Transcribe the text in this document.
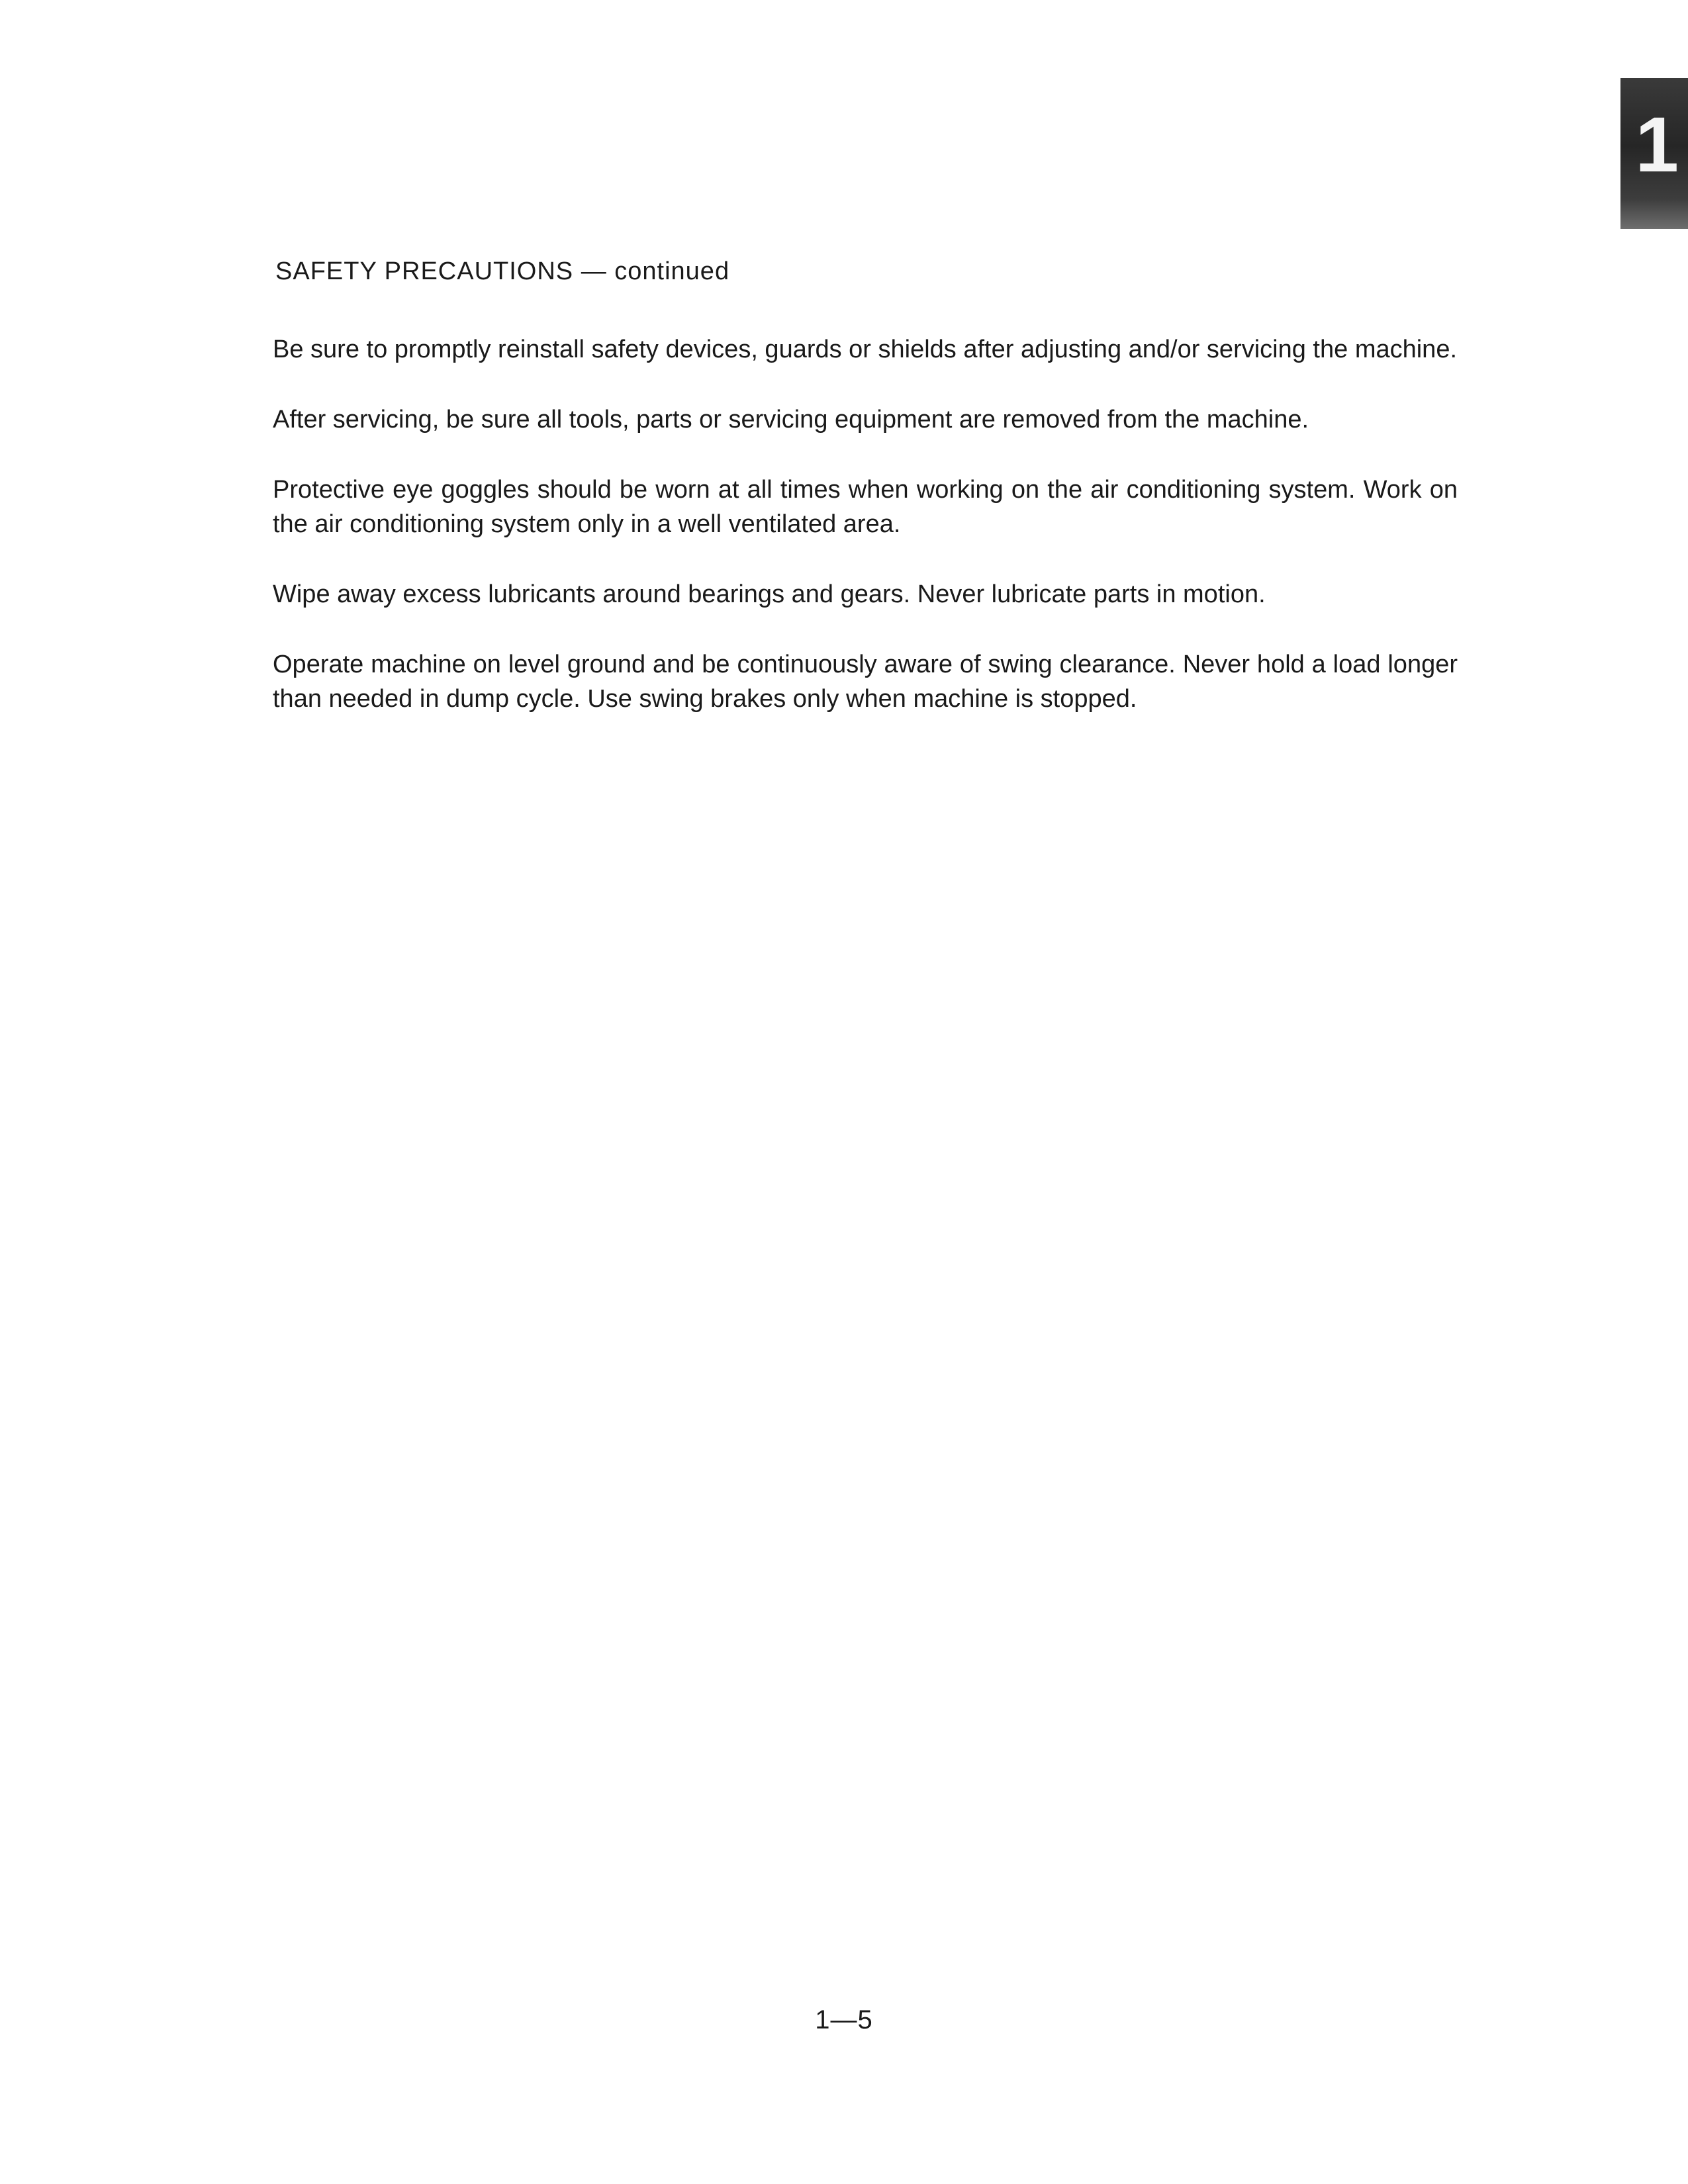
1
SAFETY PRECAUTIONS — continued

Be sure to promptly reinstall safety devices, guards or shields after adjusting and/or servicing the machine.

After servicing, be sure all tools, parts or servicing equipment are removed from the machine.

Protective eye goggles should be worn at all times when working on the air conditioning system. Work on the air conditioning system only in a well ventilated area.

Wipe away excess lubricants around bearings and gears. Never lubricate parts in motion.

Operate machine on level ground and be continuously aware of swing clearance. Never hold a load longer than needed in dump cycle. Use swing brakes only when machine is stopped.

1—5
